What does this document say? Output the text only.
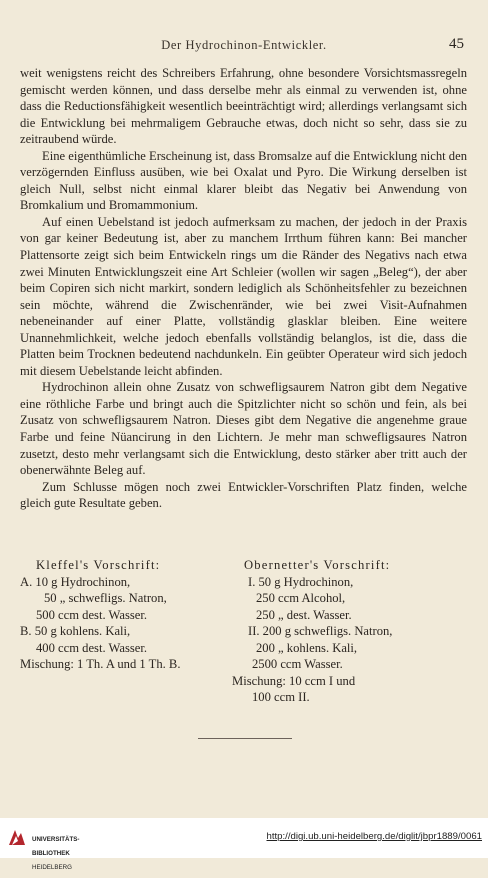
Der Hydrochinon-Entwickler.	45

weit wenigstens reicht des Schreibers Erfahrung, ohne besondere Vorsichtsmassregeln gemischt werden können, und dass derselbe mehr als einmal zu verwenden ist, ohne dass die Reductionsfähigkeit wesentlich beeinträchtigt wird; allerdings verlangsamt sich die Entwicklung bei mehrmaligem Gebrauche etwas, doch nicht so sehr, dass sie zu zeitraubend würde.

Eine eigenthümliche Erscheinung ist, dass Bromsalze auf die Entwicklung nicht den verzögernden Einfluss ausüben, wie bei Oxalat und Pyro. Die Wirkung derselben ist gleich Null, selbst nicht einmal klarer bleibt das Negativ bei Anwendung von Bromkalium und Bromammonium.

Auf einen Uebelstand ist jedoch aufmerksam zu machen, der jedoch in der Praxis von gar keiner Bedeutung ist, aber zu manchem Irrthum führen kann: Bei mancher Plattensorte zeigt sich beim Entwickeln rings um die Ränder des Negativs nach etwa zwei Minuten Entwicklungszeit eine Art Schleier (wollen wir sagen „Beleg“), der aber beim Copiren sich nicht markirt, sondern lediglich als Schönheitsfehler zu bezeichnen sein möchte, während die Zwischenränder, wie bei zwei Visit-Aufnahmen nebeneinander auf einer Platte, vollständig glasklar bleiben. Eine weitere Unannehmlichkeit, welche jedoch ebenfalls vollständig belanglos, ist die, dass die Platten beim Trocknen bedeutend nachdunkeln. Ein geübter Operateur wird sich jedoch mit diesem Uebelstande leicht abfinden.

Hydrochinon allein ohne Zusatz von schwefligsaurem Natron gibt dem Negative eine röthliche Farbe und bringt auch die Spitzlichter nicht so schön und fein, als bei Zusatz von schwefligsaurem Natron. Dieses gibt dem Negative die angenehme graue Farbe und feine Nüancirung in den Lichtern. Je mehr man schwefligsaures Natron zusetzt, desto mehr verlangsamt sich die Entwicklung, desto stärker aber tritt auch der obenerwähnte Beleg auf.

Zum Schlusse mögen noch zwei Entwickler-Vorschriften Platz finden, welche gleich gute Resultate geben.

Kleffel's Vorschrift:
A. 10 g Hydrochinon,
50 „ schwefligs. Natron,
500 ccm dest. Wasser.
B. 50 g kohlens. Kali,
400 ccm dest. Wasser.
Mischung: 1 Th. A und 1 Th. B.
Obernetter's Vorschrift:
I. 50 g Hydrochinon,
250 ccm Alcohol,
250 „ dest. Wasser.
II. 200 g schwefligs. Natron,
200 „ kohlens. Kali,
2500 ccm Wasser.
Mischung: 10 ccm I und
100 ccm II.

UNIVERSITÄTS-

BIBLIOTHEK

HEIDELBERG

http://digi.ub.uni-heidelberg.de/diglit/jbpr1889/0061
